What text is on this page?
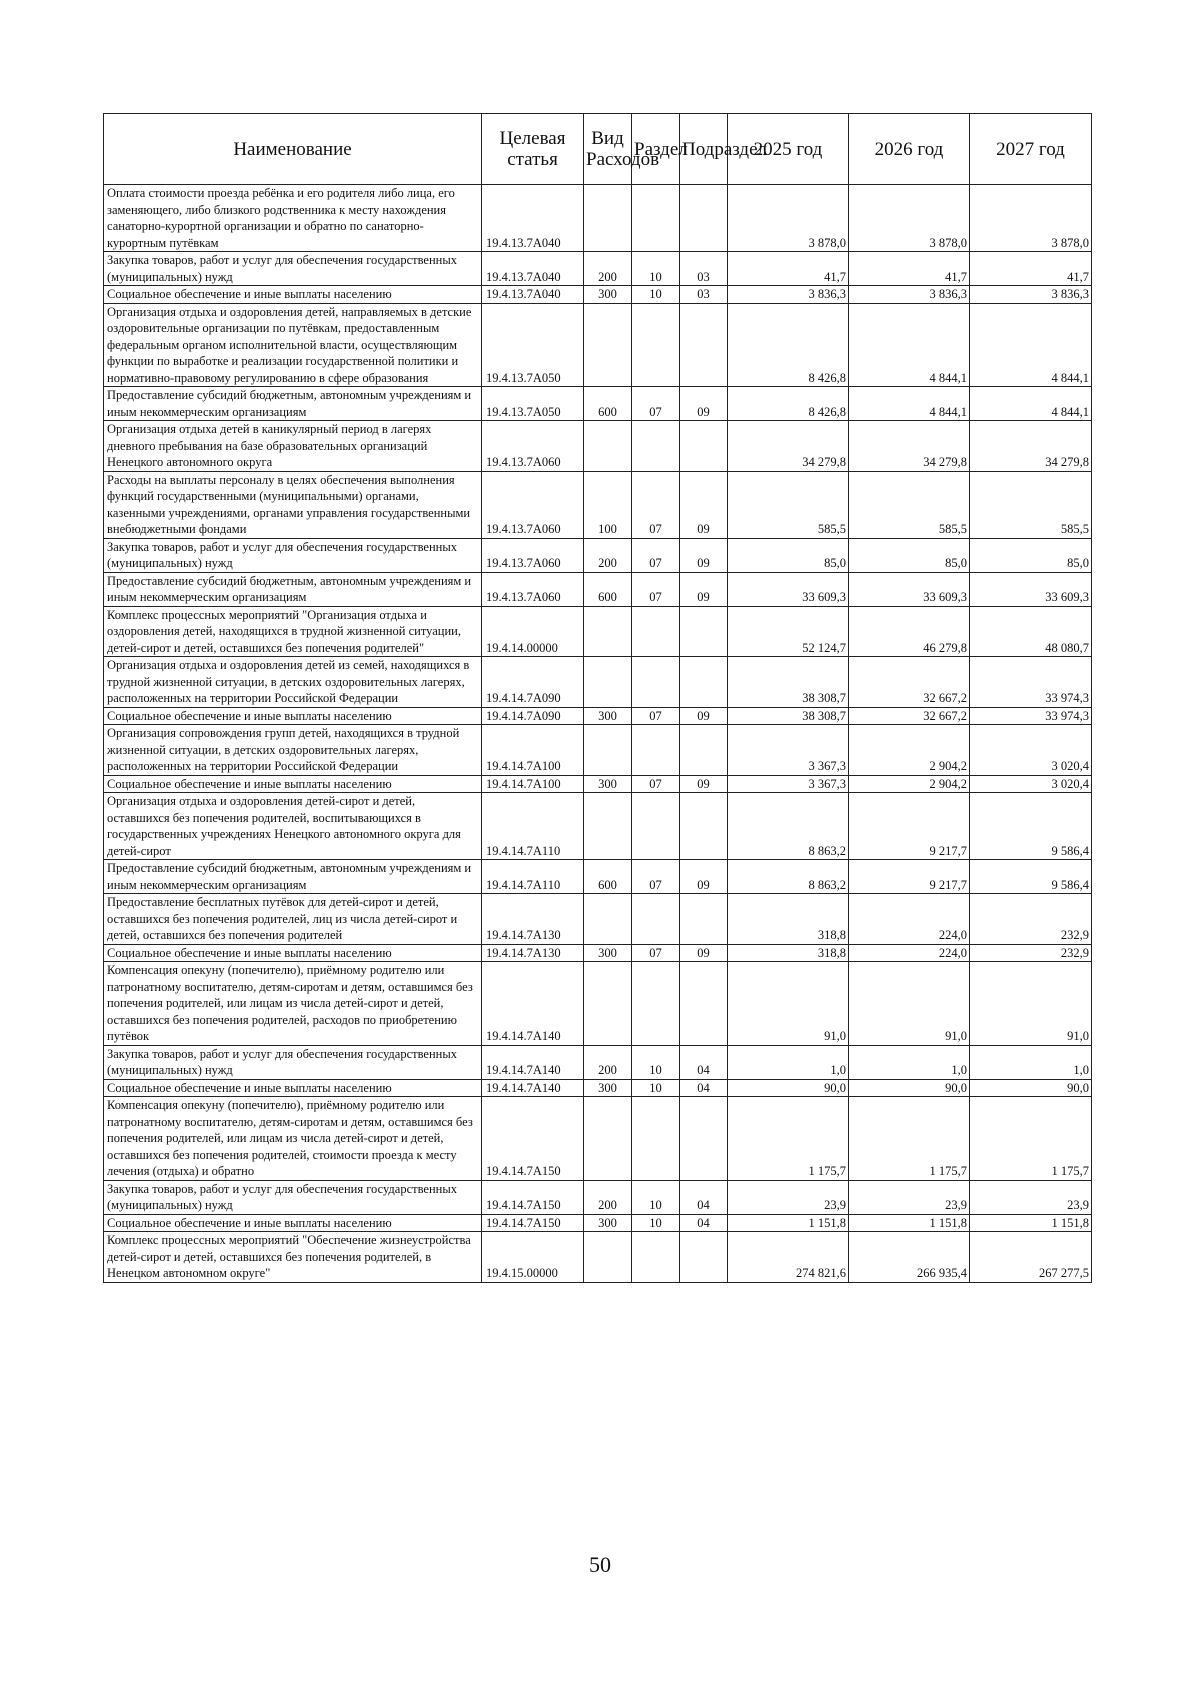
Наименование	Целевая статья	Вид Расходов	Раздел	Подраздел	2025 год	2026 год	2027 год
Оплата стоимости проезда ребёнка и его родителя либо лица, его заменяющего, либо близкого родственника к месту нахождения санаторно-курортной организации и обратно по санаторно-курортным путёвкам	19.4.13.7А040				3 878,0	3 878,0	3 878,0
Закупка товаров, работ и услуг для обеспечения государственных (муниципальных) нужд	19.4.13.7А040	200	10	03	41,7	41,7	41,7
Социальное обеспечение и иные выплаты населению	19.4.13.7А040	300	10	03	3 836,3	3 836,3	3 836,3
Организация отдыха и оздоровления детей, направляемых в детские оздоровительные организации по путёвкам, предоставленным федеральным органом исполнительной власти, осуществляющим функции по выработке и реализации государственной политики и нормативно-правовому регулированию в сфере образования	19.4.13.7А050				8 426,8	4 844,1	4 844,1
Предоставление субсидий бюджетным, автономным учреждениям и иным некоммерческим организациям	19.4.13.7А050	600	07	09	8 426,8	4 844,1	4 844,1
Организация отдыха детей в каникулярный период в лагерях дневного пребывания на базе образовательных организаций Ненецкого автономного округа	19.4.13.7А060				34 279,8	34 279,8	34 279,8
Расходы на выплаты персоналу в целях обеспечения выполнения функций государственными (муниципальными) органами, казенными учреждениями, органами управления государственными внебюджетными фондами	19.4.13.7А060	100	07	09	585,5	585,5	585,5
Закупка товаров, работ и услуг для обеспечения государственных (муниципальных) нужд	19.4.13.7А060	200	07	09	85,0	85,0	85,0
Предоставление субсидий бюджетным, автономным учреждениям и иным некоммерческим организациям	19.4.13.7А060	600	07	09	33 609,3	33 609,3	33 609,3
Комплекс процессных мероприятий "Организация отдыха и оздоровления детей, находящихся в трудной жизненной ситуации, детей-сирот и детей, оставшихся без попечения родителей"	19.4.14.00000				52 124,7	46 279,8	48 080,7
Организация отдыха и оздоровления детей из семей, находящихся в трудной жизненной ситуации, в детских оздоровительных лагерях, расположенных на территории Российской Федерации	19.4.14.7А090				38 308,7	32 667,2	33 974,3
Социальное обеспечение и иные выплаты населению	19.4.14.7А090	300	07	09	38 308,7	32 667,2	33 974,3
Организация сопровождения групп детей, находящихся в трудной жизненной ситуации, в детских оздоровительных лагерях, расположенных на территории Российской Федерации	19.4.14.7А100				3 367,3	2 904,2	3 020,4
Социальное обеспечение и иные выплаты населению	19.4.14.7А100	300	07	09	3 367,3	2 904,2	3 020,4
Организация отдыха и оздоровления детей-сирот и детей, оставшихся без попечения родителей, воспитывающихся в государственных учреждениях Ненецкого автономного округа для детей-сирот	19.4.14.7А110				8 863,2	9 217,7	9 586,4
Предоставление субсидий бюджетным, автономным учреждениям и иным некоммерческим организациям	19.4.14.7А110	600	07	09	8 863,2	9 217,7	9 586,4
Предоставление бесплатных путёвок для детей-сирот и детей, оставшихся без попечения родителей, лиц из числа детей-сирот и детей, оставшихся без попечения родителей	19.4.14.7А130				318,8	224,0	232,9
Социальное обеспечение и иные выплаты населению	19.4.14.7А130	300	07	09	318,8	224,0	232,9
Компенсация опекуну (попечителю), приёмному родителю или патронатному воспитателю, детям-сиротам и детям, оставшимся без попечения родителей, или лицам из числа детей-сирот и детей, оставшихся без попечения родителей, расходов по приобретению путёвок	19.4.14.7А140				91,0	91,0	91,0
Закупка товаров, работ и услуг для обеспечения государственных (муниципальных) нужд	19.4.14.7А140	200	10	04	1,0	1,0	1,0
Социальное обеспечение и иные выплаты населению	19.4.14.7А140	300	10	04	90,0	90,0	90,0
Компенсация опекуну (попечителю), приёмному родителю или патронатному воспитателю, детям-сиротам и детям, оставшимся без попечения родителей, или лицам из числа детей-сирот и детей, оставшихся без попечения родителей, стоимости проезда к месту лечения (отдыха) и обратно	19.4.14.7А150				1 175,7	1 175,7	1 175,7
Закупка товаров, работ и услуг для обеспечения государственных (муниципальных) нужд	19.4.14.7А150	200	10	04	23,9	23,9	23,9
Социальное обеспечение и иные выплаты населению	19.4.14.7А150	300	10	04	1 151,8	1 151,8	1 151,8
Комплекс процессных мероприятий "Обеспечение жизнеустройства детей-сирот и детей, оставшихся без попечения родителей, в Ненецком автономном округе"	19.4.15.00000				274 821,6	266 935,4	267 277,5
50
